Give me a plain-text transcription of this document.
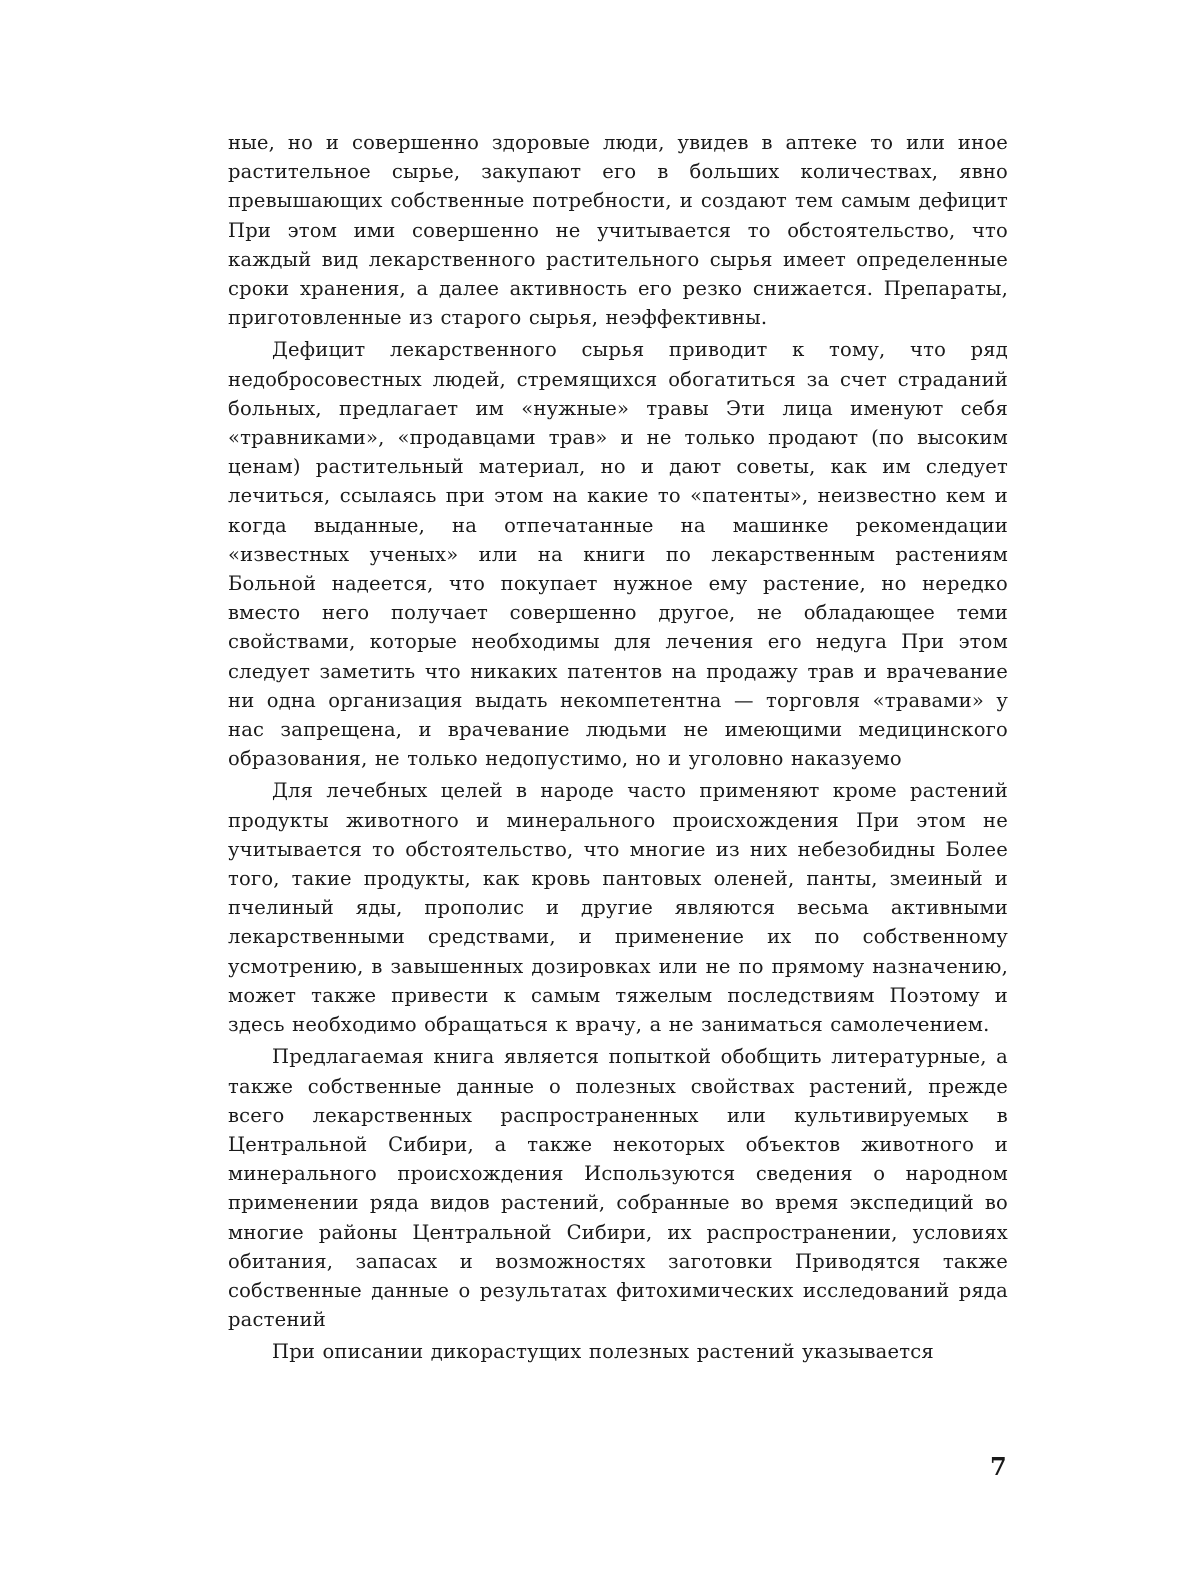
ные, но и совершенно здоровые люди, увидев в аптеке то или иное растительное сырье, закупают его в больших количествах, явно превышающих собственные потребности, и создают тем самым дефицит При этом ими совершенно не учитывается то обстоятельство, что каждый вид лекарственного растительного сырья имеет определенные сроки хранения, а далее активность его резко снижается. Препараты, приготовленные из старого сырья, неэффективны.

Дефицит лекарственного сырья приводит к тому, что ряд недобросовестных людей, стремящихся обогатиться за счет страданий больных, предлагает им «нужные» травы Эти лица именуют себя «травниками», «продавцами трав» и не только продают (по высоким ценам) растительный материал, но и дают советы, как им следует лечиться, ссылаясь при этом на какие то «патенты», неизвестно кем и когда выданные, на отпечатанные на машинке рекомендации «известных ученых» или на книги по лекарственным растениям Больной надеется, что покупает нужное ему растение, но нередко вместо него получает совершенно другое, не обладающее теми свойствами, которые необходимы для лечения его недуга При этом следует заметить что никаких патентов на продажу трав и врачевание ни одна организация выдать некомпетентна — торговля «травами» у нас запрещена, и врачевание людьми не имеющими медицинского образования, не только недопустимо, но и уголовно наказуемо

Для лечебных целей в народе часто применяют кроме растений продукты животного и минерального происхождения При этом не учитывается то обстоятельство, что многие из них небезобидны Более того, такие продукты, как кровь пантовых оленей, панты, змеиный и пчелиный яды, прополис и другие являются весьма активными лекарственными средствами, и применение их по собственному усмотрению, в завышенных дозировках или не по прямому назначению, может также привести к самым тяжелым последствиям Поэтому и здесь необходимо обращаться к врачу, а не заниматься самолечением.

Предлагаемая книга является попыткой обобщить литературные, а также собственные данные о полезных свойствах растений, прежде всего лекарственных распространенных или культивируемых в Центральной Сибири, а также некоторых объектов животного и минерального происхождения Используются сведения о народном применении ряда видов растений, собранные во время экспедиций во многие районы Центральной Сибири, их распространении, условиях обитания, запасах и возможностях заготовки Приводятся также собственные данные о результатах фитохимических исследований ряда растений

При описании дикорастущих полезных растений указывается

7
